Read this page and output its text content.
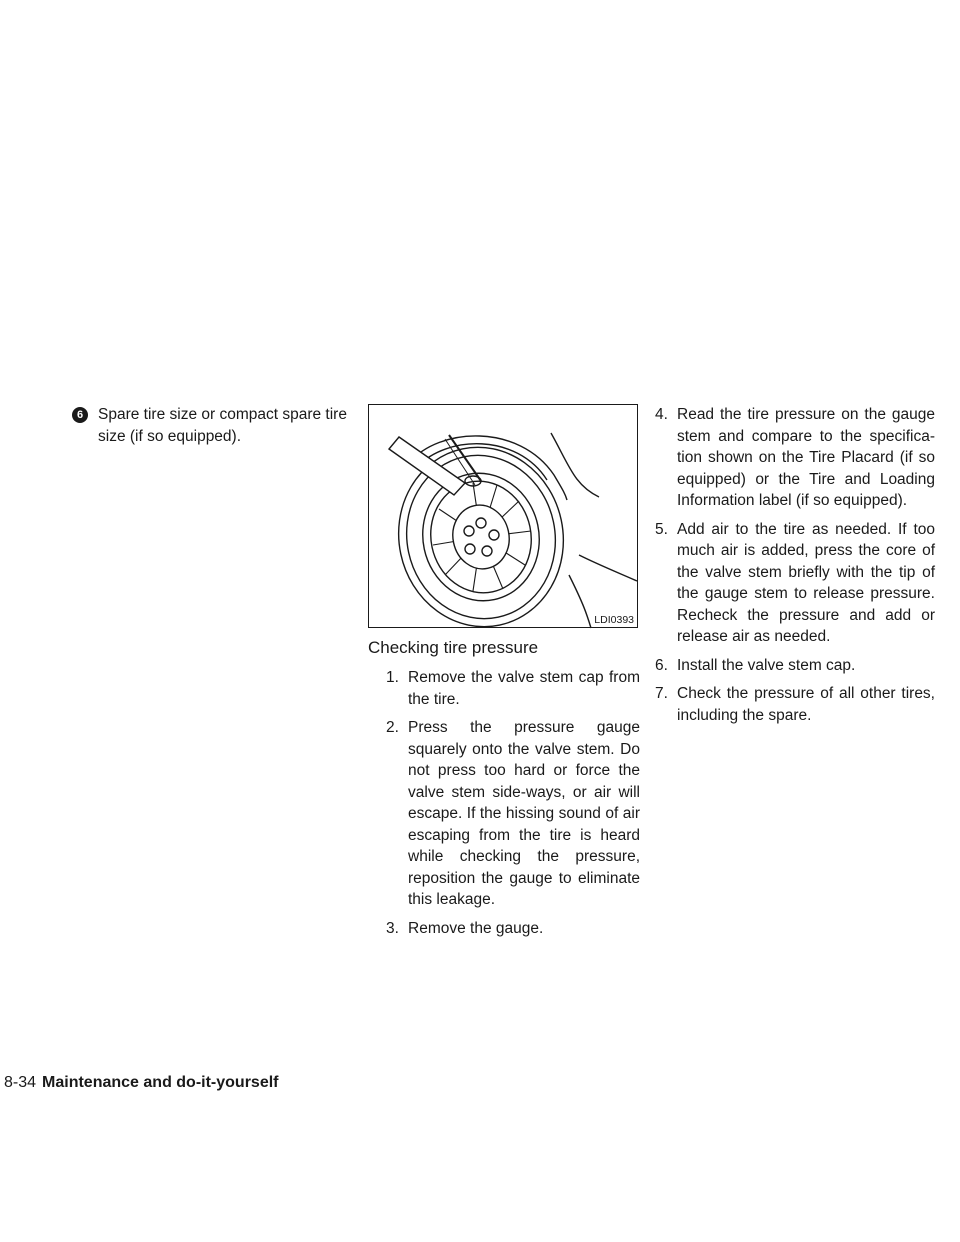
6 Spare tire size or compact spare tire size (if so equipped).
LDI0393
Checking tire pressure
1. Remove the valve stem cap from the tire.
2. Press the pressure gauge squarely onto the valve stem. Do not press too hard or force the valve stem side-ways, or air will escape. If the hissing sound of air escaping from the tire is heard while checking the pressure, reposition the gauge to eliminate this leakage.
3. Remove the gauge.
4. Read the tire pressure on the gauge stem and compare to the specifica-tion shown on the Tire Placard (if so equipped) or the Tire and Loading Information label (if so equipped).
5. Add air to the tire as needed. If too much air is added, press the core of the valve stem briefly with the tip of the gauge stem to release pressure. Recheck the pressure and add or release air as needed.
6. Install the valve stem cap.
7. Check the pressure of all other tires, including the spare.
8-34 Maintenance and do-it-yourself
